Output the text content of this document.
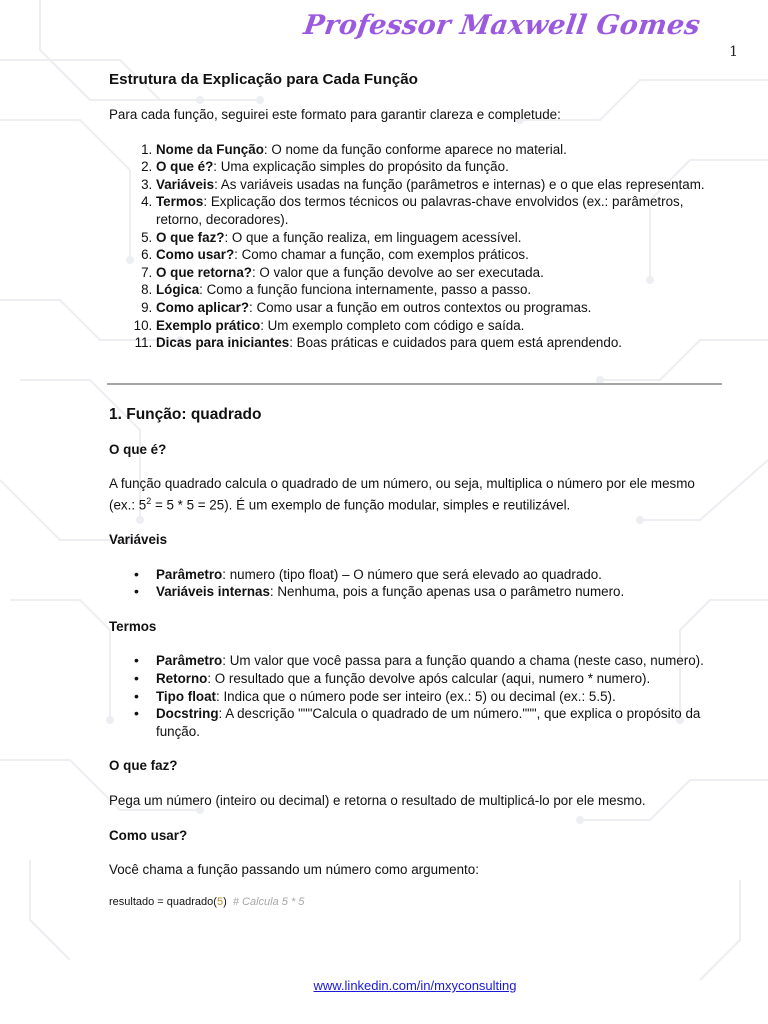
Professor Maxwell Gomes
1
Estrutura da Explicação para Cada Função

Para cada função, seguirei este formato para garantir clareza e completude:

1. Nome da Função: O nome da função conforme aparece no material.
2. O que é?: Uma explicação simples do propósito da função.
3. Variáveis: As variáveis usadas na função (parâmetros e internas) e o que elas representam.
4. Termos: Explicação dos termos técnicos ou palavras-chave envolvidos (ex.: parâmetros, retorno, decoradores).
5. O que faz?: O que a função realiza, em linguagem acessível.
6. Como usar?: Como chamar a função, com exemplos práticos.
7. O que retorna?: O valor que a função devolve ao ser executada.
8. Lógica: Como a função funciona internamente, passo a passo.
9. Como aplicar?: Como usar a função em outros contextos ou programas.
10. Exemplo prático: Um exemplo completo com código e saída.
11. Dicas para iniciantes: Boas práticas e cuidados para quem está aprendendo.
1. Função: quadrado
O que é?

A função quadrado calcula o quadrado de um número, ou seja, multiplica o número por ele mesmo (ex.: $5^2 = 5 * 5 = 25$). É um exemplo de função modular, simples e reutilizável.

Variáveis
• Parâmetro: numero (tipo float) – O número que será elevado ao quadrado.
• Variáveis internas: Nenhuma, pois a função apenas usa o parâmetro numero.
Termos
• Parâmetro: Um valor que você passa para a função quando a chama (neste caso, numero).
• Retorno: O resultado que a função devolve após calcular (aqui, numero * numero).
• Tipo float: Indica que o número pode ser inteiro (ex.: 5) ou decimal (ex.: 5.5).
• Docstring: A descrição """Calcula o quadrado de um número.""", que explica o propósito da função.
O que faz?

Pega um número (inteiro ou decimal) e retorna o resultado de multiplicá-lo por ele mesmo.

Como usar?

Você chama a função passando um número como argumento:

resultado = quadrado(5) # Calcula 5 * 5
www.linkedin.com/in/mxyconsulting
